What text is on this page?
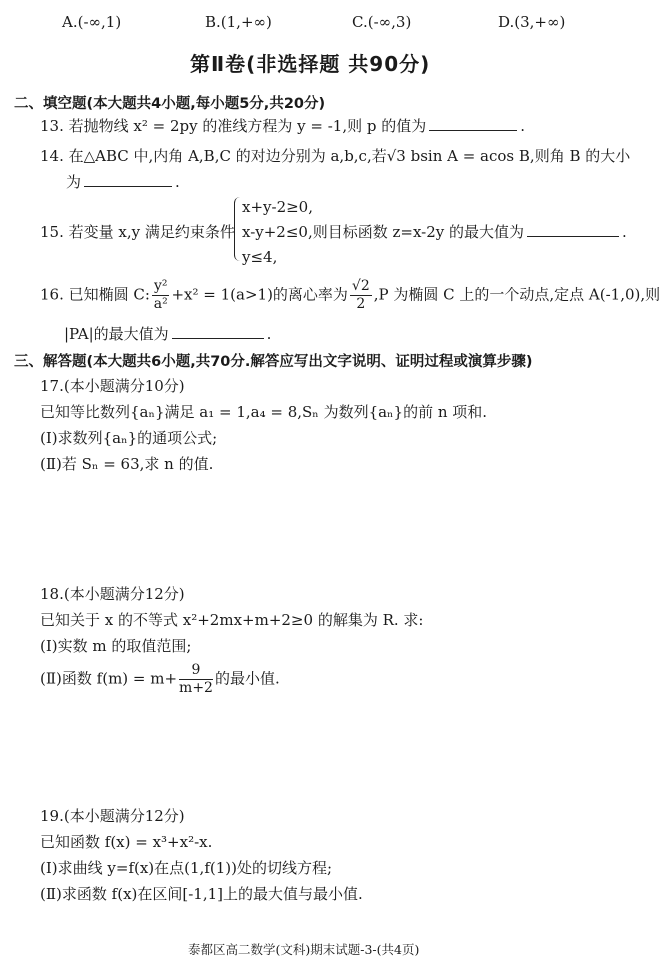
A.(-∞,1)	B.(1,+∞)	C.(-∞,3)	D.(3,+∞)
第Ⅱ卷(非选择题 共90分)
二、填空题(本大题共4小题,每小题5分,共20分)
13. 若抛物线 x² = 2py 的准线方程为 y = -1,则 p 的值为	.
14. 在△ABC 中,内角 A,B,C 的对边分别为 a,b,c,若√3 bsin A = acos B,则角 B 的大小
为	.
15. 若变量 x,y 满足约束条件
x+y-2≥0,
x-y+2≤0,则目标函数 z=x-2y 的最大值为	.
y≤4,
16. 已知椭圆 C: $\frac{\text{y²}}{\text{a²}} +x^2 = 1(a>1)$的离心率为 $\frac{√2}{2} ,P$ 为椭圆 C 上的一个动点,定点 A(-1,0),则
|PA|的最大值为	.
三、解答题(本大题共6小题,共70分.解答应写出文字说明、证明过程或演算步骤)
17.(本小题满分10分)
已知等比数列{aₙ}满足 a₁ = 1,a₄ = 8,Sₙ 为数列{aₙ}的前 n 项和.
(Ⅰ)求数列{aₙ}的通项公式;
(Ⅱ)若 Sₙ = 63,求 n 的值.
18.(本小题满分12分)
已知关于 x 的不等式 x²+2mx+m+2≥0 的解集为 R. 求:
(Ⅰ)实数 m 的取值范围;
(Ⅱ)函数 $f(m) = m+ \frac{9}{m+2}$ 的最小值.
19.(本小题满分12分)
已知函数 f(x) = x³+x²-x.
(Ⅰ)求曲线 y=f(x)在点(1,f(1))处的切线方程;
(Ⅱ)求函数 f(x)在区间[-1,1]上的最大值与最小值.
泰都区高二数学(文科)期末试题-3-(共4页)
